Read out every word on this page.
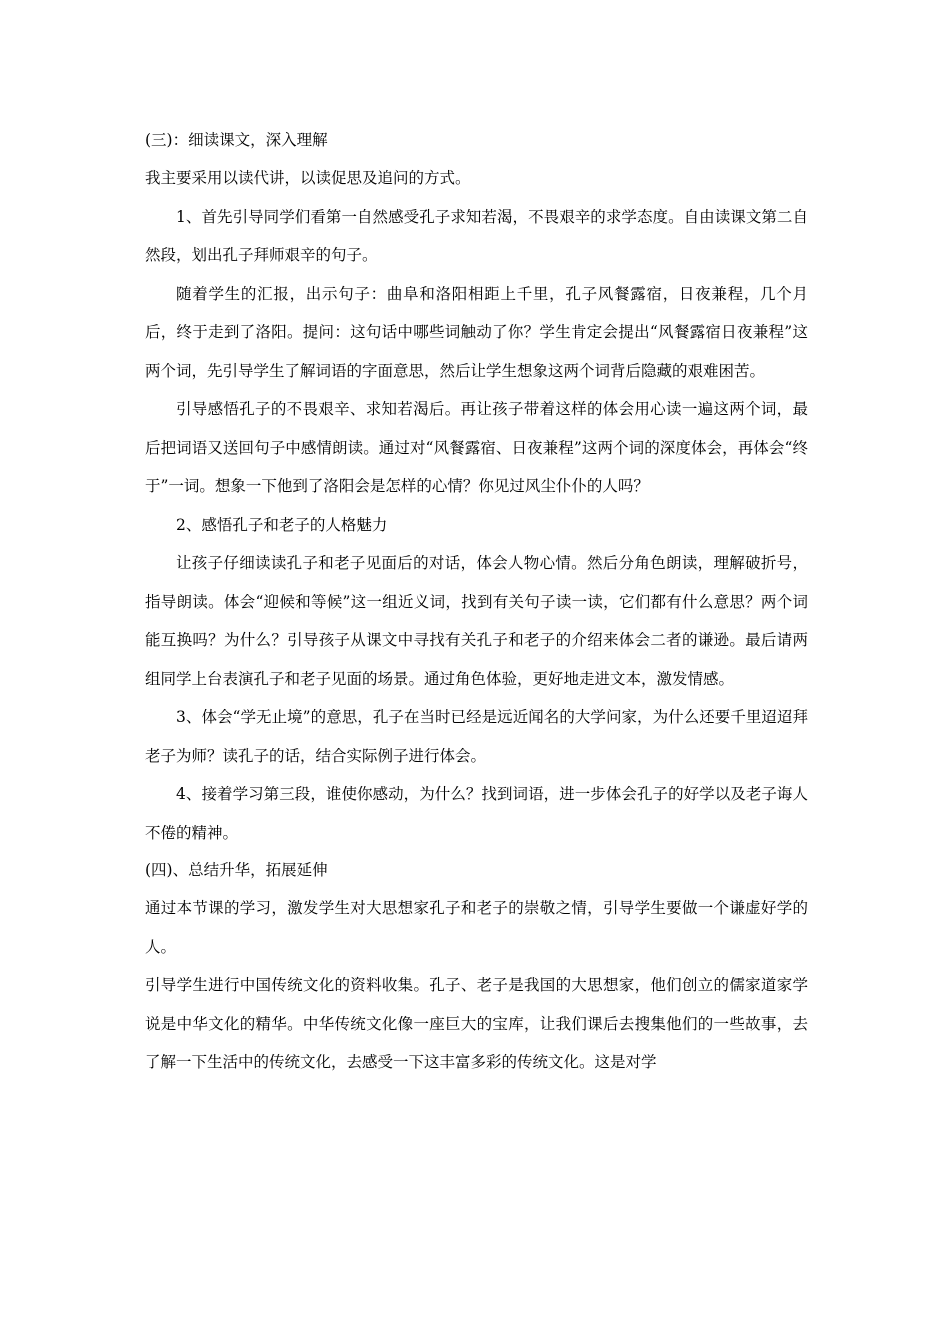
(三)：细读课文，深入理解

我主要采用以读代讲，以读促思及追问的方式。

1、首先引导同学们看第一自然感受孔子求知若渴，不畏艰辛的求学态度。自由读课文第二自然段，划出孔子拜师艰辛的句子。

随着学生的汇报，出示句子：曲阜和洛阳相距上千里，孔子风餐露宿，日夜兼程，几个月后，终于走到了洛阳。提问：这句话中哪些词触动了你？学生肯定会提出“风餐露宿日夜兼程”这两个词，先引导学生了解词语的字面意思，然后让学生想象这两个词背后隐藏的艰难困苦。

引导感悟孔子的不畏艰辛、求知若渴后。再让孩子带着这样的体会用心读一遍这两个词，最后把词语又送回句子中感情朗读。通过对“风餐露宿、日夜兼程”这两个词的深度体会，再体会“终于”一词。想象一下他到了洛阳会是怎样的心情？你见过风尘仆仆的人吗？

2、感悟孔子和老子的人格魅力

让孩子仔细读读孔子和老子见面后的对话，体会人物心情。然后分角色朗读，理解破折号，指导朗读。体会“迎候和等候”这一组近义词，找到有关句子读一读，它们都有什么意思？两个词能互换吗？为什么？引导孩子从课文中寻找有关孔子和老子的介绍来体会二者的谦逊。最后请两组同学上台表演孔子和老子见面的场景。通过角色体验，更好地走进文本，激发情感。

3、体会“学无止境”的意思，孔子在当时已经是远近闻名的大学问家，为什么还要千里迢迢拜老子为师？读孔子的话，结合实际例子进行体会。

4、接着学习第三段，谁使你感动，为什么？找到词语，进一步体会孔子的好学以及老子诲人不倦的精神。

(四)、总结升华，拓展延伸

通过本节课的学习，激发学生对大思想家孔子和老子的崇敬之情，引导学生要做一个谦虚好学的人。

引导学生进行中国传统文化的资料收集。孔子、老子是我国的大思想家，他们创立的儒家道家学说是中华文化的精华。中华传统文化像一座巨大的宝库，让我们课后去搜集他们的一些故事，去了解一下生活中的传统文化，去感受一下这丰富多彩的传统文化。这是对学
